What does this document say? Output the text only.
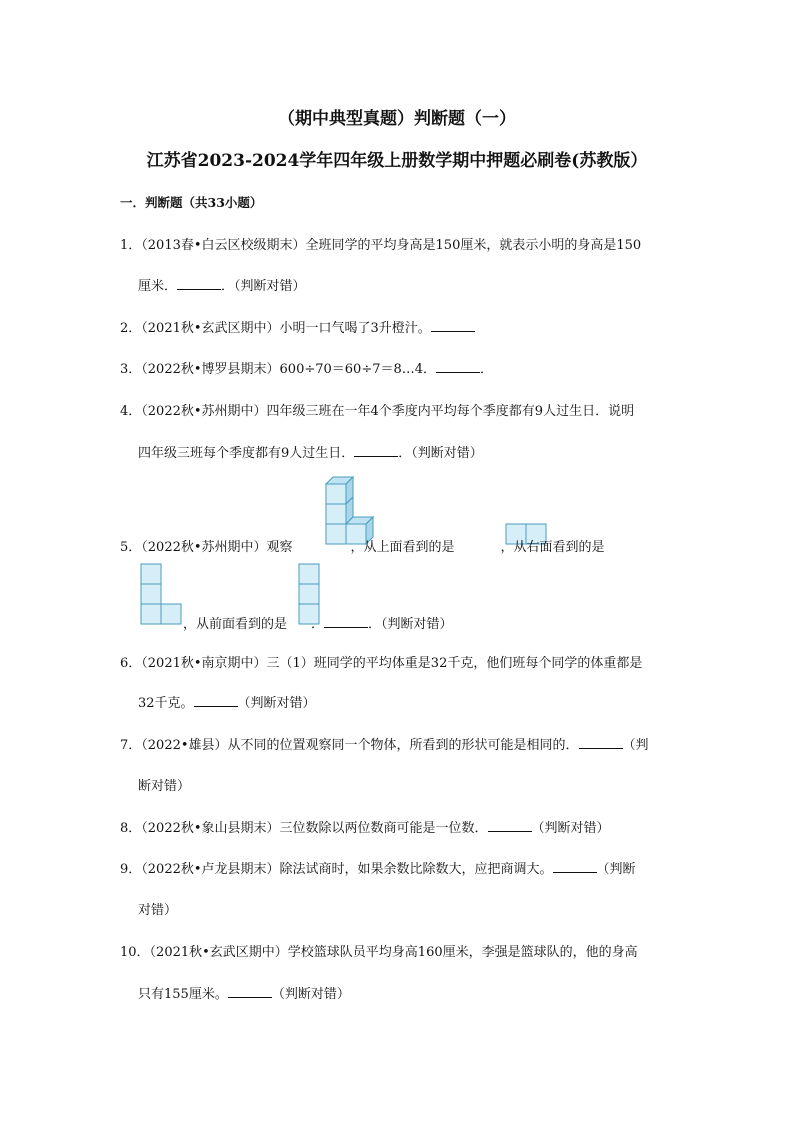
（期中典型真题）判断题（一）
江苏省2023-2024学年四年级上册数学期中押题必刷卷(苏教版）
一．判断题（共33小题）
1．（2013春•白云区校级期末）全班同学的平均身高是150厘米，就表示小明的身高是150
厘米．	．（判断对错）
2．（2021秋•玄武区期中）小明一口气喝了3升橙汁。
3．（2022秋•博罗县期末）600÷70＝60÷7＝8…4．	．
4．（2022秋•苏州期中）四年级三班在一年4个季度内平均每个季度都有9人过生日．说明
四年级三班每个季度都有9人过生日．	．（判断对错）
5．（2022秋•苏州期中）观察	，从上面看到的是	，从右面看到的是
，从前面看到的是 ．	．（判断对错）
6．（2021秋•南京期中）三（1）班同学的平均体重是32千克，他们班每个同学的体重都是
32千克。	（判断对错）
7．（2022•雄县）从不同的位置观察同一个物体，所看到的形状可能是相同的．	（判
断对错）
8．（2022秋•象山县期末）三位数除以两位数商可能是一位数．	（判断对错）
9．（2022秋•卢龙县期末）除法试商时，如果余数比除数大，应把商调大。	（判断
对错）
10．（2021秋•玄武区期中）学校篮球队员平均身高160厘米，李强是篮球队的，他的身高
只有155厘米。	（判断对错）
